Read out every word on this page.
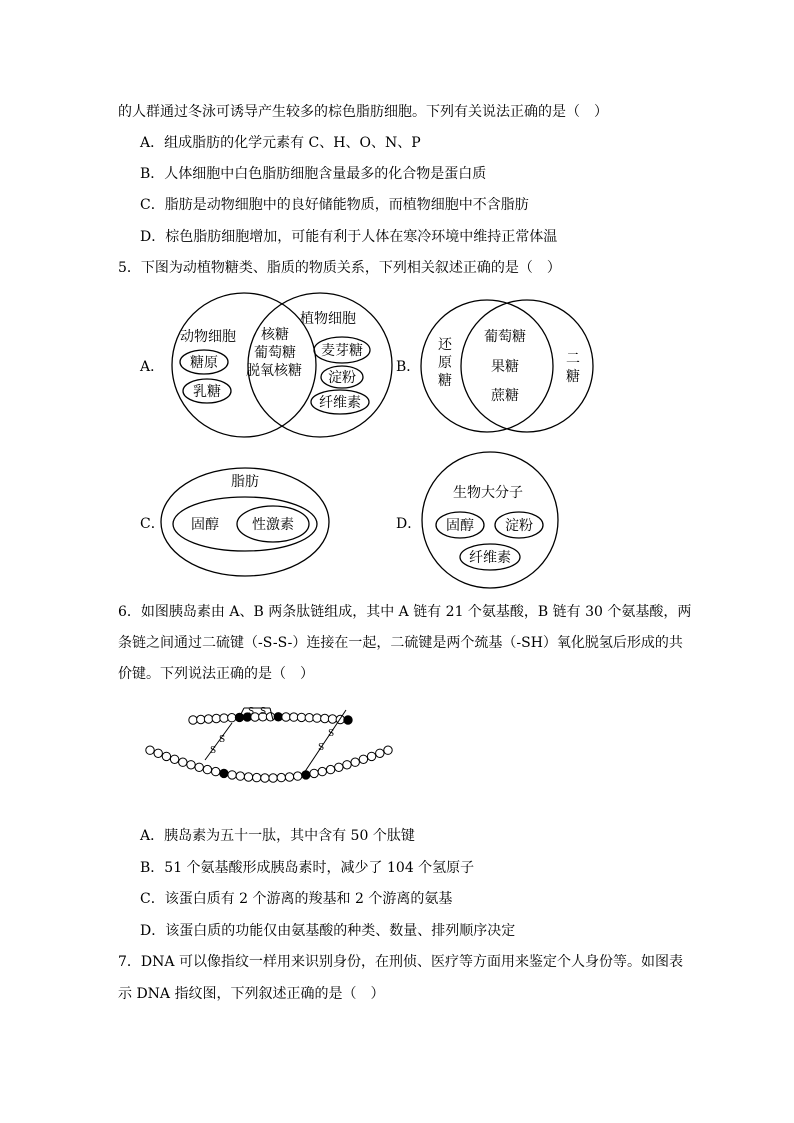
的人群通过冬泳可诱导产生较多的棕色脂肪细胞。下列有关说法正确的是（　）
A．组成脂肪的化学元素有 C、H、O、N、P
B．人体细胞中白色脂肪细胞含量最多的化合物是蛋白质
C．脂肪是动物细胞中的良好储能物质，而植物细胞中不含脂肪
D．棕色脂肪细胞增加，可能有利于人体在寒冷环境中维持正常体温
5．下图为动植物糖类、脂质的物质关系，下列相关叙述正确的是（　）
A．
动物细胞
植物细胞
糖原
乳糖
核糖
葡萄糖
脱氧核糖
麦芽糖
淀粉
纤维素
B．
还
原
糖
葡萄糖
果糖
蔗糖
二
糖
C．
脂肪
固醇 性激素	D．
生物大分子
固醇 淀粉
纤维素
6．如图胰岛素由 A、B 两条肽链组成，其中 A 链有 21 个氨基酸，B 链有 30 个氨基酸，两
条链之间通过二硫键（-S-S-）连接在一起，二硫键是两个巯基（-SH）氧化脱氢后形成的共
价键。下列说法正确的是（　）
S S
S
S
S
S
A．胰岛素为五十一肽，其中含有 50 个肽键
B．51 个氨基酸形成胰岛素时，减少了 104 个氢原子
C．该蛋白质有 2 个游离的羧基和 2 个游离的氨基
D．该蛋白质的功能仅由氨基酸的种类、数量、排列顺序决定
7．DNA 可以像指纹一样用来识别身份，在刑侦、医疗等方面用来鉴定个人身份等。如图表
示 DNA 指纹图，下列叙述正确的是（　）
